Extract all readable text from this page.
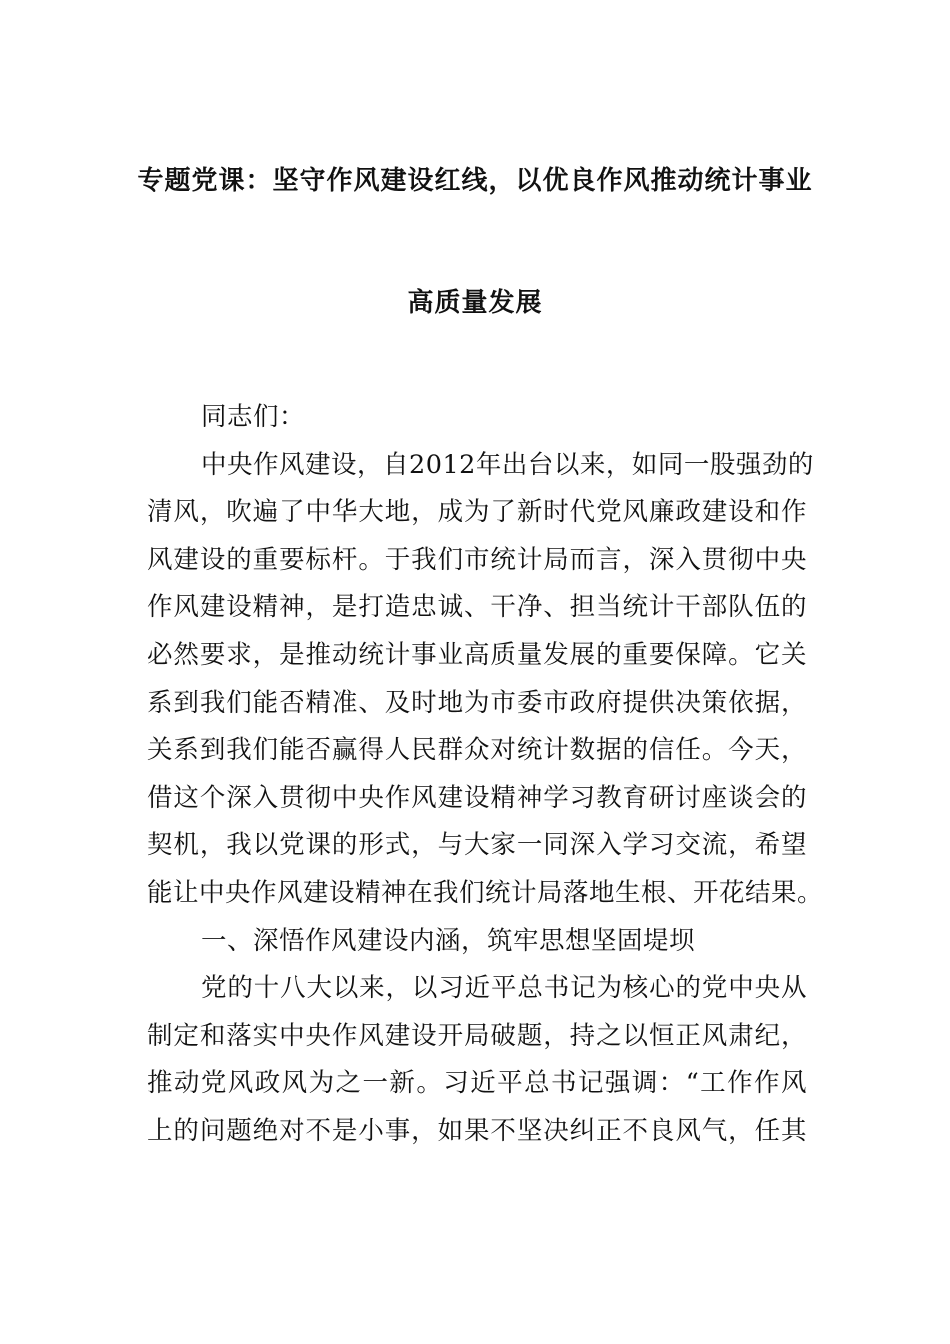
专题党课：坚守作风建设红线，以优良作风推动统计事业
高质量发展
同志们：
中央作风建设，自2012年出台以来，如同一股强劲的
清风，吹遍了中华大地，成为了新时代党风廉政建设和作
风建设的重要标杆。于我们市统计局而言，深入贯彻中央
作风建设精神，是打造忠诚、干净、担当统计干部队伍的
必然要求，是推动统计事业高质量发展的重要保障。它关
系到我们能否精准、及时地为市委市政府提供决策依据，
关系到我们能否赢得人民群众对统计数据的信任。今天，
借这个深入贯彻中央作风建设精神学习教育研讨座谈会的
契机，我以党课的形式，与大家一同深入学习交流，希望
能让中央作风建设精神在我们统计局落地生根、开花结果。
一、深悟作风建设内涵，筑牢思想坚固堤坝
党的十八大以来，以习近平总书记为核心的党中央从
制定和落实中央作风建设开局破题，持之以恒正风肃纪，
推动党风政风为之一新。习近平总书记强调：“工作作风
上的问题绝对不是小事，如果不坚决纠正不良风气，任其
